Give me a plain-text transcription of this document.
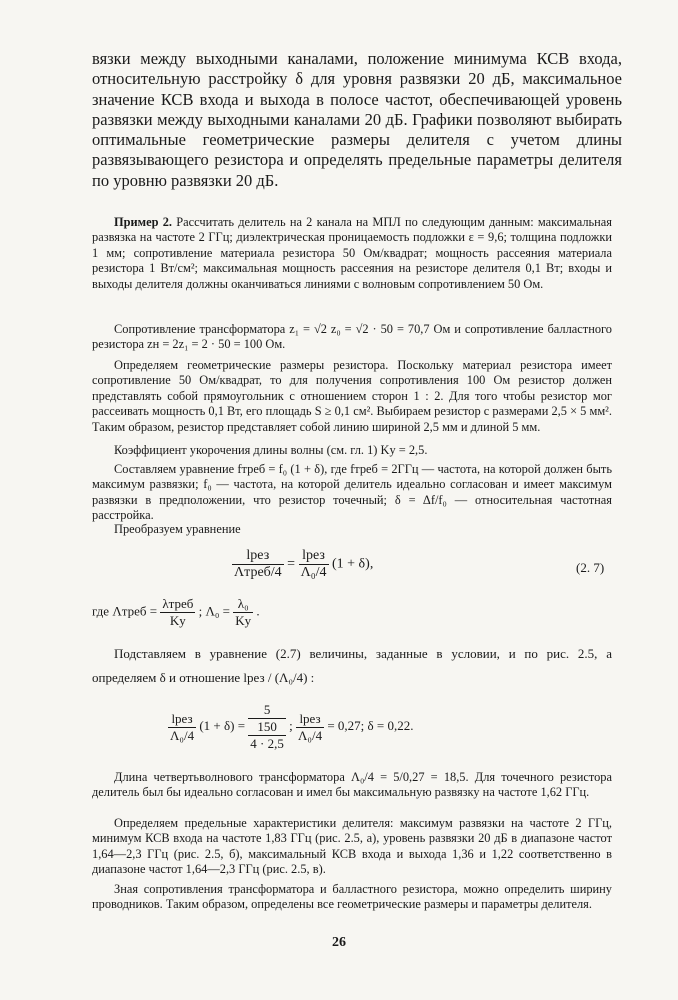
вязки между выходными каналами, положение минимума КСВ входа, относительную расстройку δ для уровня развязки 20 дБ, максимальное значение КСВ входа и выхода в полосе частот, обеспечивающей уровень развязки между выходными каналами 20 дБ. Графики позволяют выбирать оптимальные геометрические размеры делителя с учетом длины развязывающего резистора и определять предельные параметры делителя по уровню развязки 20 дБ.

Пример 2. Рассчитать делитель на 2 канала на МПЛ по следующим данным: максимальная развязка на частоте 2 ГГц; диэлектрическая проницаемость подложки ε = 9,6; толщина подложки 1 мм; сопротивление материала резистора 50 Ом/квадрат; мощность рассеяния материала резистора 1 Вт/см²; максимальная мощность рассеяния на резисторе делителя 0,1 Вт; входы и выходы делителя должны оканчиваться линиями с волновым сопротивлением 50 Ом.

Сопротивление трансформатора z₁ = √2 z₀ = √2 · 50 = 70,7 Ом и сопротивление балластного резистора zн = 2z₁ = 2 · 50 = 100 Ом.

Определяем геометрические размеры резистора. Поскольку материал резистора имеет сопротивление 50 Ом/квадрат, то для получения сопротивления 100 Ом резистор должен представлять собой прямоугольник с отношением сторон 1 : 2. Для того чтобы резистор мог рассеивать мощность 0,1 Вт, его площадь S ≥ 0,1 см². Выбираем резистор с размерами 2,5 × 5 мм². Таким образом, резистор представляет собой линию шириной 2,5 мм и длиной 5 мм.

Коэффициент укорочения длины волны (см. гл. 1) Kу = 2,5.

Составляем уравнение fтреб = f₀ (1 + δ), где fтреб = 2ГГц — частота, на которой должен быть максимум развязки; f₀ — частота, на которой делитель идеально согласован и имеет максимум развязки в предположении, что резистор точечный; δ = Δf/f₀ — относительная частотная расстройка.

Преобразуем уравнение

$\frac{\text{lрез}}{\text{Λтреб/4}} = \frac{\text{lрез}}{\text{Λ₀/4}} (1 + \delta)$,	(2. 7)
где Λтреб = $\frac{\text{λтреб}}{Kу}$ ; $\Lambda_0 = \frac{\text{λ₀}}{Kу}$ .

Подставляем в уравнение (2.7) величины, заданные в условии, и по рис. 2.5, а определяем δ и отношение lрез / (Λ₀/4) :

$\frac{\text{lрез}}{\text{Λ₀/4}} (1 + \delta)$ =
5
150
4 · 2,5
; $\frac{\text{lрез}}{\text{Λ₀/4}} = 0,27$; δ = 0,22.

Длина четвертьволнового трансформатора Λ₀/4 = 5/0,27 = 18,5. Для точечного резистора делитель был бы идеально согласован и имел бы максимальную развязку на частоте 1,62 ГГц.

Определяем предельные характеристики делителя: максимум развязки на частоте 2 ГГц, минимум КСВ входа на частоте 1,83 ГГц (рис. 2.5, а), уровень развязки 20 дБ в диапазоне частот 1,64—2,3 ГГц (рис. 2.5, б), максимальный КСВ входа и выхода 1,36 и 1,22 соответственно в диапазоне частот 1,64—2,3 ГГц (рис. 2.5, в).

Зная сопротивления трансформатора и балластного резистора, можно определить ширину проводников. Таким образом, определены все геометрические размеры и параметры делителя.

26
